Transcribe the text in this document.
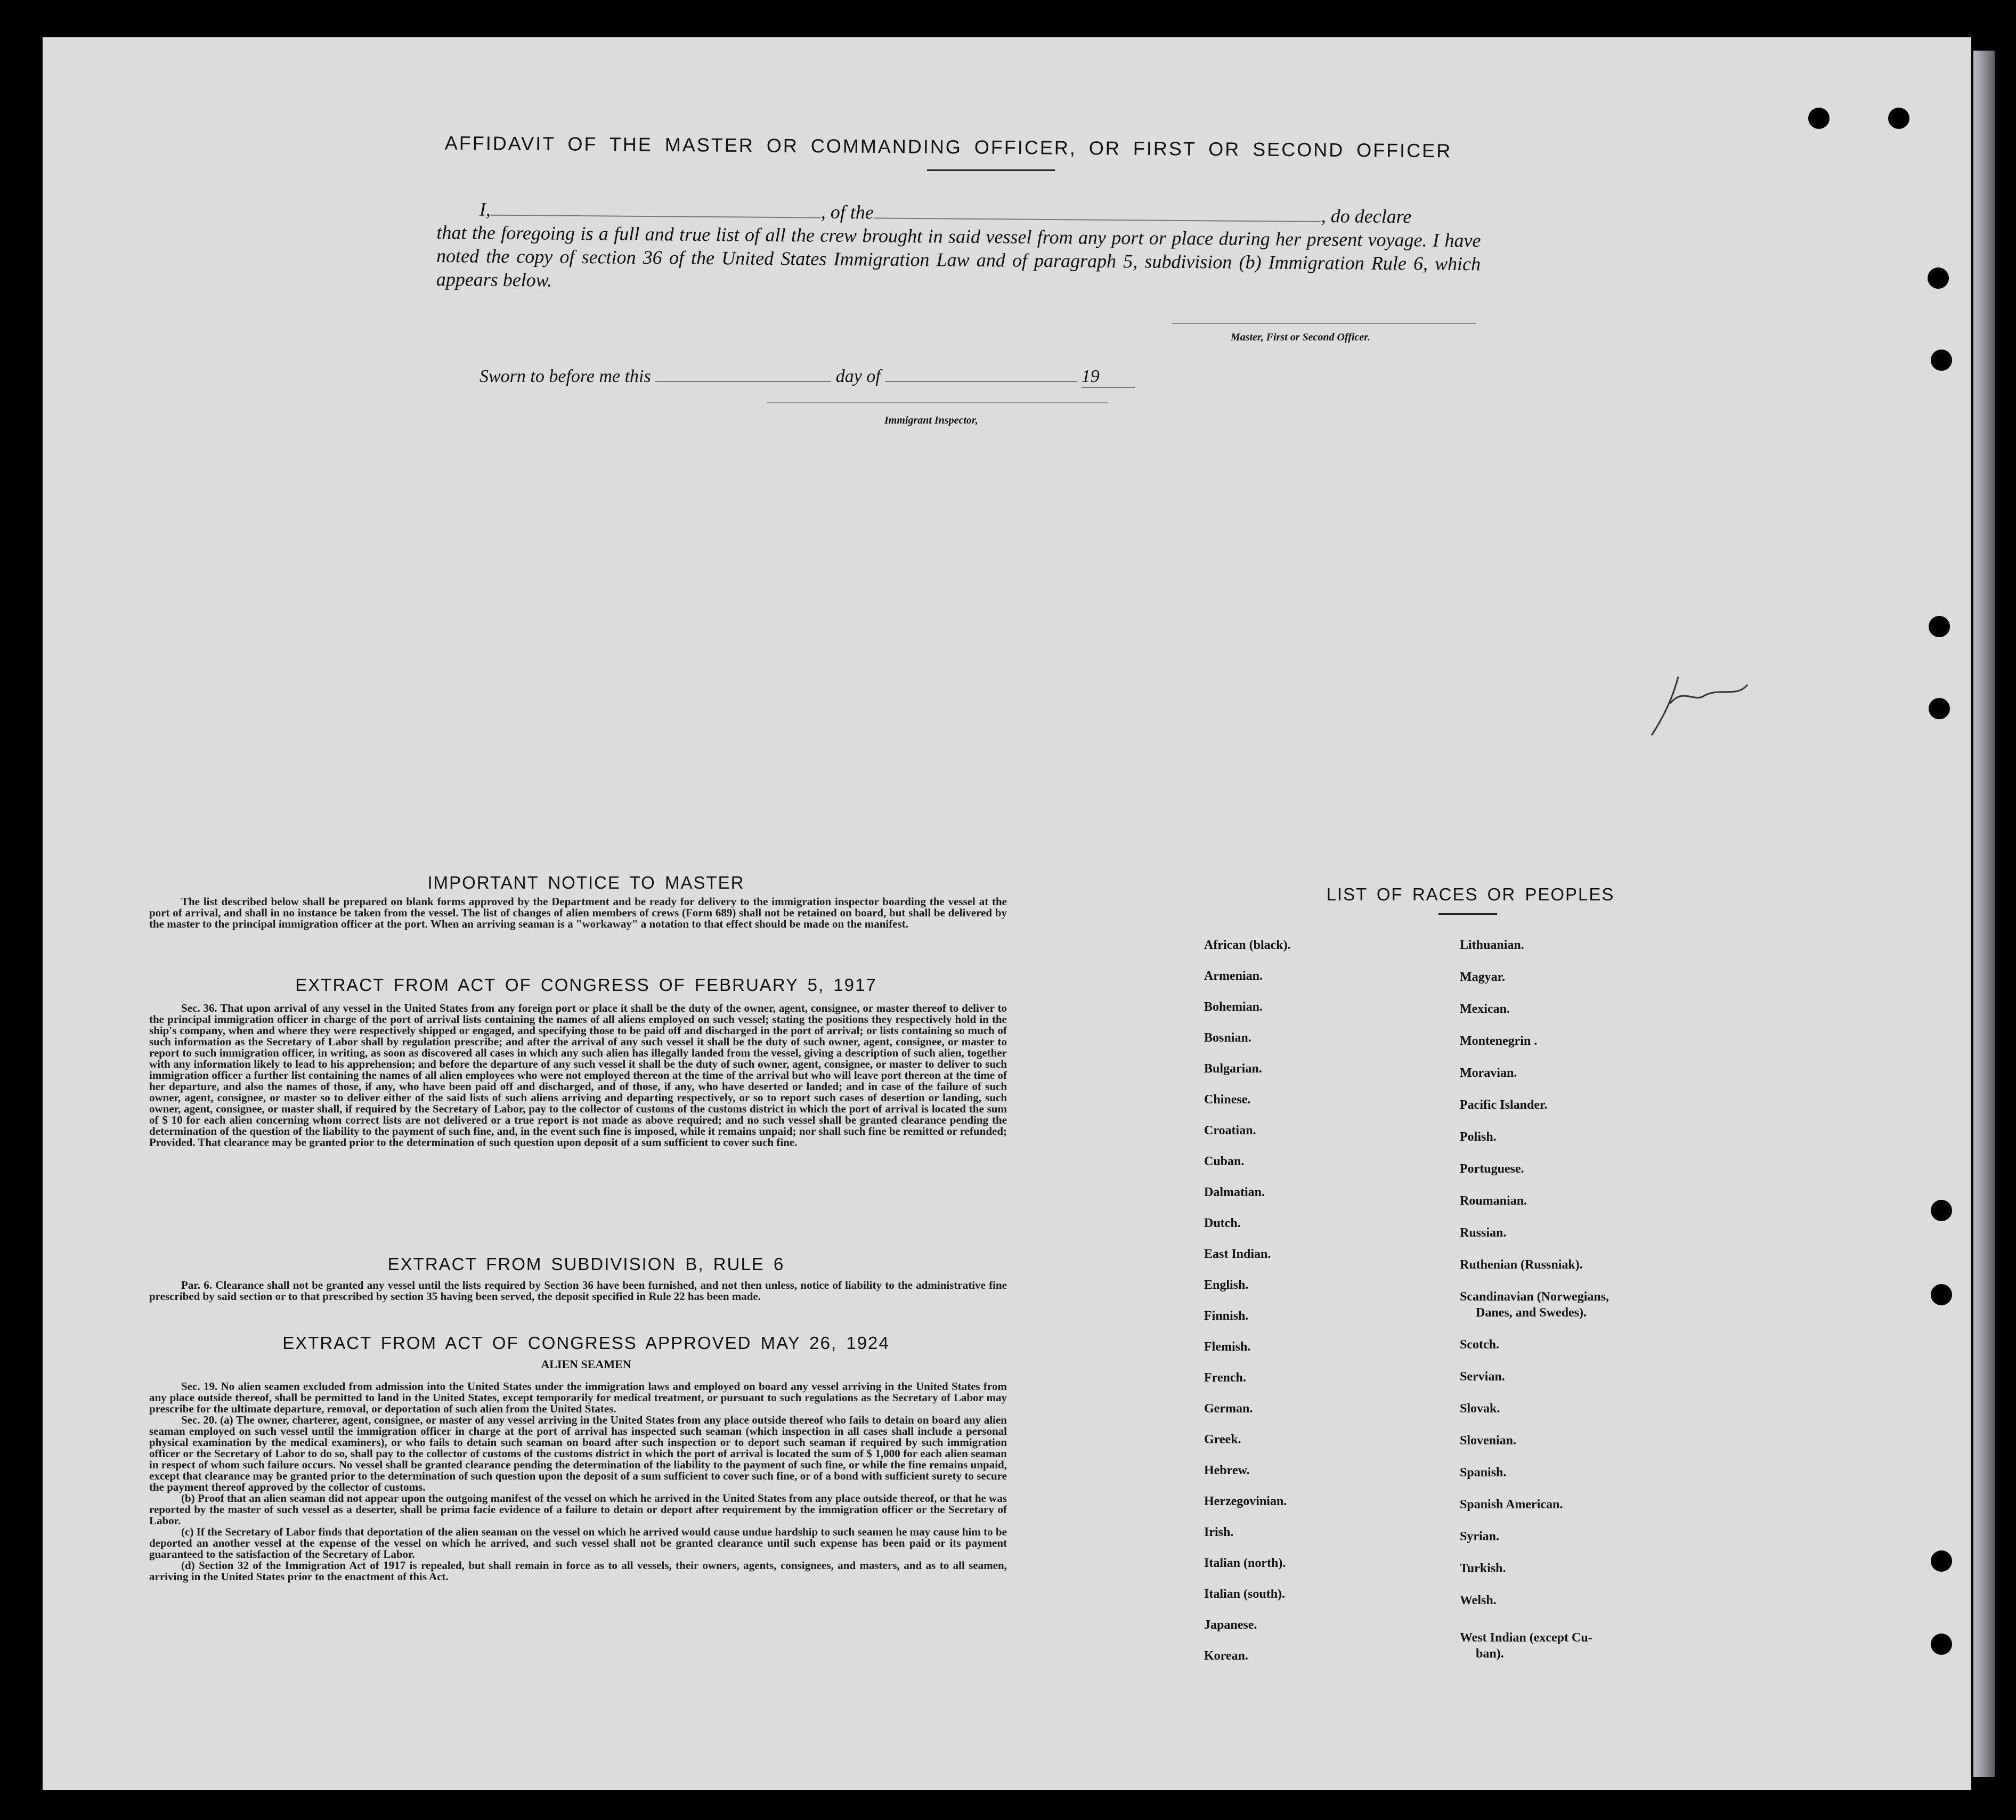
AFFIDAVIT OF THE MASTER OR COMMANDING OFFICER, OR FIRST OR SECOND OFFICER
I,	, of the	, do declare
that the foregoing is a full and true list of all the crew brought in said vessel from any port or place during her present voyage. I have noted the copy of section 36 of the United States Immigration Law and of paragraph 5, subdivision (b) Immigration Rule 6, which appears below.
Master, First or Second Officer.
Sworn to before me this	day of	19
Immigrant Inspector,
IMPORTANT NOTICE TO MASTER

The list described below shall be prepared on blank forms approved by the Department and be ready for delivery to the immigration inspector boarding the vessel at the port of arrival, and shall in no instance be taken from the vessel. The list of changes of alien members of crews (Form 689) shall not be retained on board, but shall be delivered by the master to the principal immigration officer at the port. When an arriving seaman is a "workaway" a notation to that effect should be made on the manifest.

EXTRACT FROM ACT OF CONGRESS OF FEBRUARY 5, 1917

Sec. 36. That upon arrival of any vessel in the United States from any foreign port or place it shall be the duty of the owner, agent, consignee, or master thereof to deliver to the principal immigration officer in charge of the port of arrival lists containing the names of all aliens employed on such vessel; stating the positions they respectively hold in the ship's company, when and where they were respectively shipped or engaged, and specifying those to be paid off and discharged in the port of arrival; or lists containing so much of such information as the Secretary of Labor shall by regulation prescribe; and after the arrival of any such vessel it shall be the duty of such owner, agent, consignee, or master to report to such immigration officer, in writing, as soon as discovered all cases in which any such alien has illegally landed from the vessel, giving a description of such alien, together with any information likely to lead to his apprehension; and before the departure of any such vessel it shall be the duty of such owner, agent, consignee, or master to deliver to such immigration officer a further list containing the names of all alien employees who were not employed thereon at the time of the arrival but who will leave port thereon at the time of her departure, and also the names of those, if any, who have been paid off and discharged, and of those, if any, who have deserted or landed; and in case of the failure of such owner, agent, consignee, or master so to deliver either of the said lists of such aliens arriving and departing respectively, or so to report such cases of desertion or landing, such owner, agent, consignee, or master shall, if required by the Secretary of Labor, pay to the collector of customs of the customs district in which the port of arrival is located the sum of $ 10 for each alien concerning whom correct lists are not delivered or a true report is not made as above required; and no such vessel shall be granted clearance pending the determination of the question of the liability to the payment of such fine, and, in the event such fine is imposed, while it remains unpaid; nor shall such fine be remitted or refunded; Provided. That clearance may be granted prior to the determination of such question upon deposit of a sum sufficient to cover such fine.

EXTRACT FROM SUBDIVISION B, RULE 6

Par. 6. Clearance shall not be granted any vessel until the lists required by Section 36 have been furnished, and not then unless, notice of liability to the administrative fine prescribed by said section or to that prescribed by section 35 having been served, the deposit specified in Rule 22 has been made.

EXTRACT FROM ACT OF CONGRESS APPROVED MAY 26, 1924
ALIEN SEAMEN

Sec. 19. No alien seamen excluded from admission into the United States under the immigration laws and employed on board any vessel arriving in the United States from any place outside thereof, shall be permitted to land in the United States, except temporarily for medical treatment, or pursuant to such regulations as the Secretary of Labor may prescribe for the ultimate departure, removal, or deportation of such alien from the United States.

Sec. 20. (a) The owner, charterer, agent, consignee, or master of any vessel arriving in the United States from any place outside thereof who fails to detain on board any alien seaman employed on such vessel until the immigration officer in charge at the port of arrival has inspected such seaman (which inspection in all cases shall include a personal physical examination by the medical examiners), or who fails to detain such seaman on board after such inspection or to deport such seaman if required by such immigration officer or the Secretary of Labor to do so, shall pay to the collector of customs of the customs district in which the port of arrival is located the sum of $ 1,000 for each alien seaman in respect of whom such failure occurs. No vessel shall be granted clearance pending the determination of the liability to the payment of such fine, or while the fine remains unpaid, except that clearance may be granted prior to the determination of such question upon the deposit of a sum sufficient to cover such fine, or of a bond with sufficient surety to secure the payment thereof approved by the collector of customs.

(b) Proof that an alien seaman did not appear upon the outgoing manifest of the vessel on which he arrived in the United States from any place outside thereof, or that he was reported by the master of such vessel as a deserter, shall be prima facie evidence of a failure to detain or deport after requirement by the immigration officer or the Secretary of Labor.

(c) If the Secretary of Labor finds that deportation of the alien seaman on the vessel on which he arrived would cause undue hardship to such seamen he may cause him to be deported an another vessel at the expense of the vessel on which he arrived, and such vessel shall not be granted clearance until such expense has been paid or its payment guaranteed to the satisfaction of the Secretary of Labor.

(d) Section 32 of the Immigration Act of 1917 is repealed, but shall remain in force as to all vessels, their owners, agents, consignees, and masters, and as to all seamen, arriving in the United States prior to the enactment of this Act.

LIST OF RACES OR PEOPLES
African (black).
Armenian.
Bohemian.
Bosnian.
Bulgarian.
Chinese.
Croatian.
Cuban.
Dalmatian.
Dutch.
East Indian.
English.
Finnish.
Flemish.
French.
German.
Greek.
Hebrew.
Herzegovinian.
Irish.
Italian (north).
Italian (south).
Japanese.
Korean.
Lithuanian.
Magyar.
Mexican.
Montenegrin .
Moravian.
Pacific Islander.
Polish.
Portuguese.
Roumanian.
Russian.
Ruthenian (Russniak).
Scandinavian (Norwegians,
Danes, and Swedes).
Scotch.
Servian.
Slovak.
Slovenian.
Spanish.
Spanish American.
Syrian.
Turkish.
Welsh.
West Indian (except Cu-
ban).
